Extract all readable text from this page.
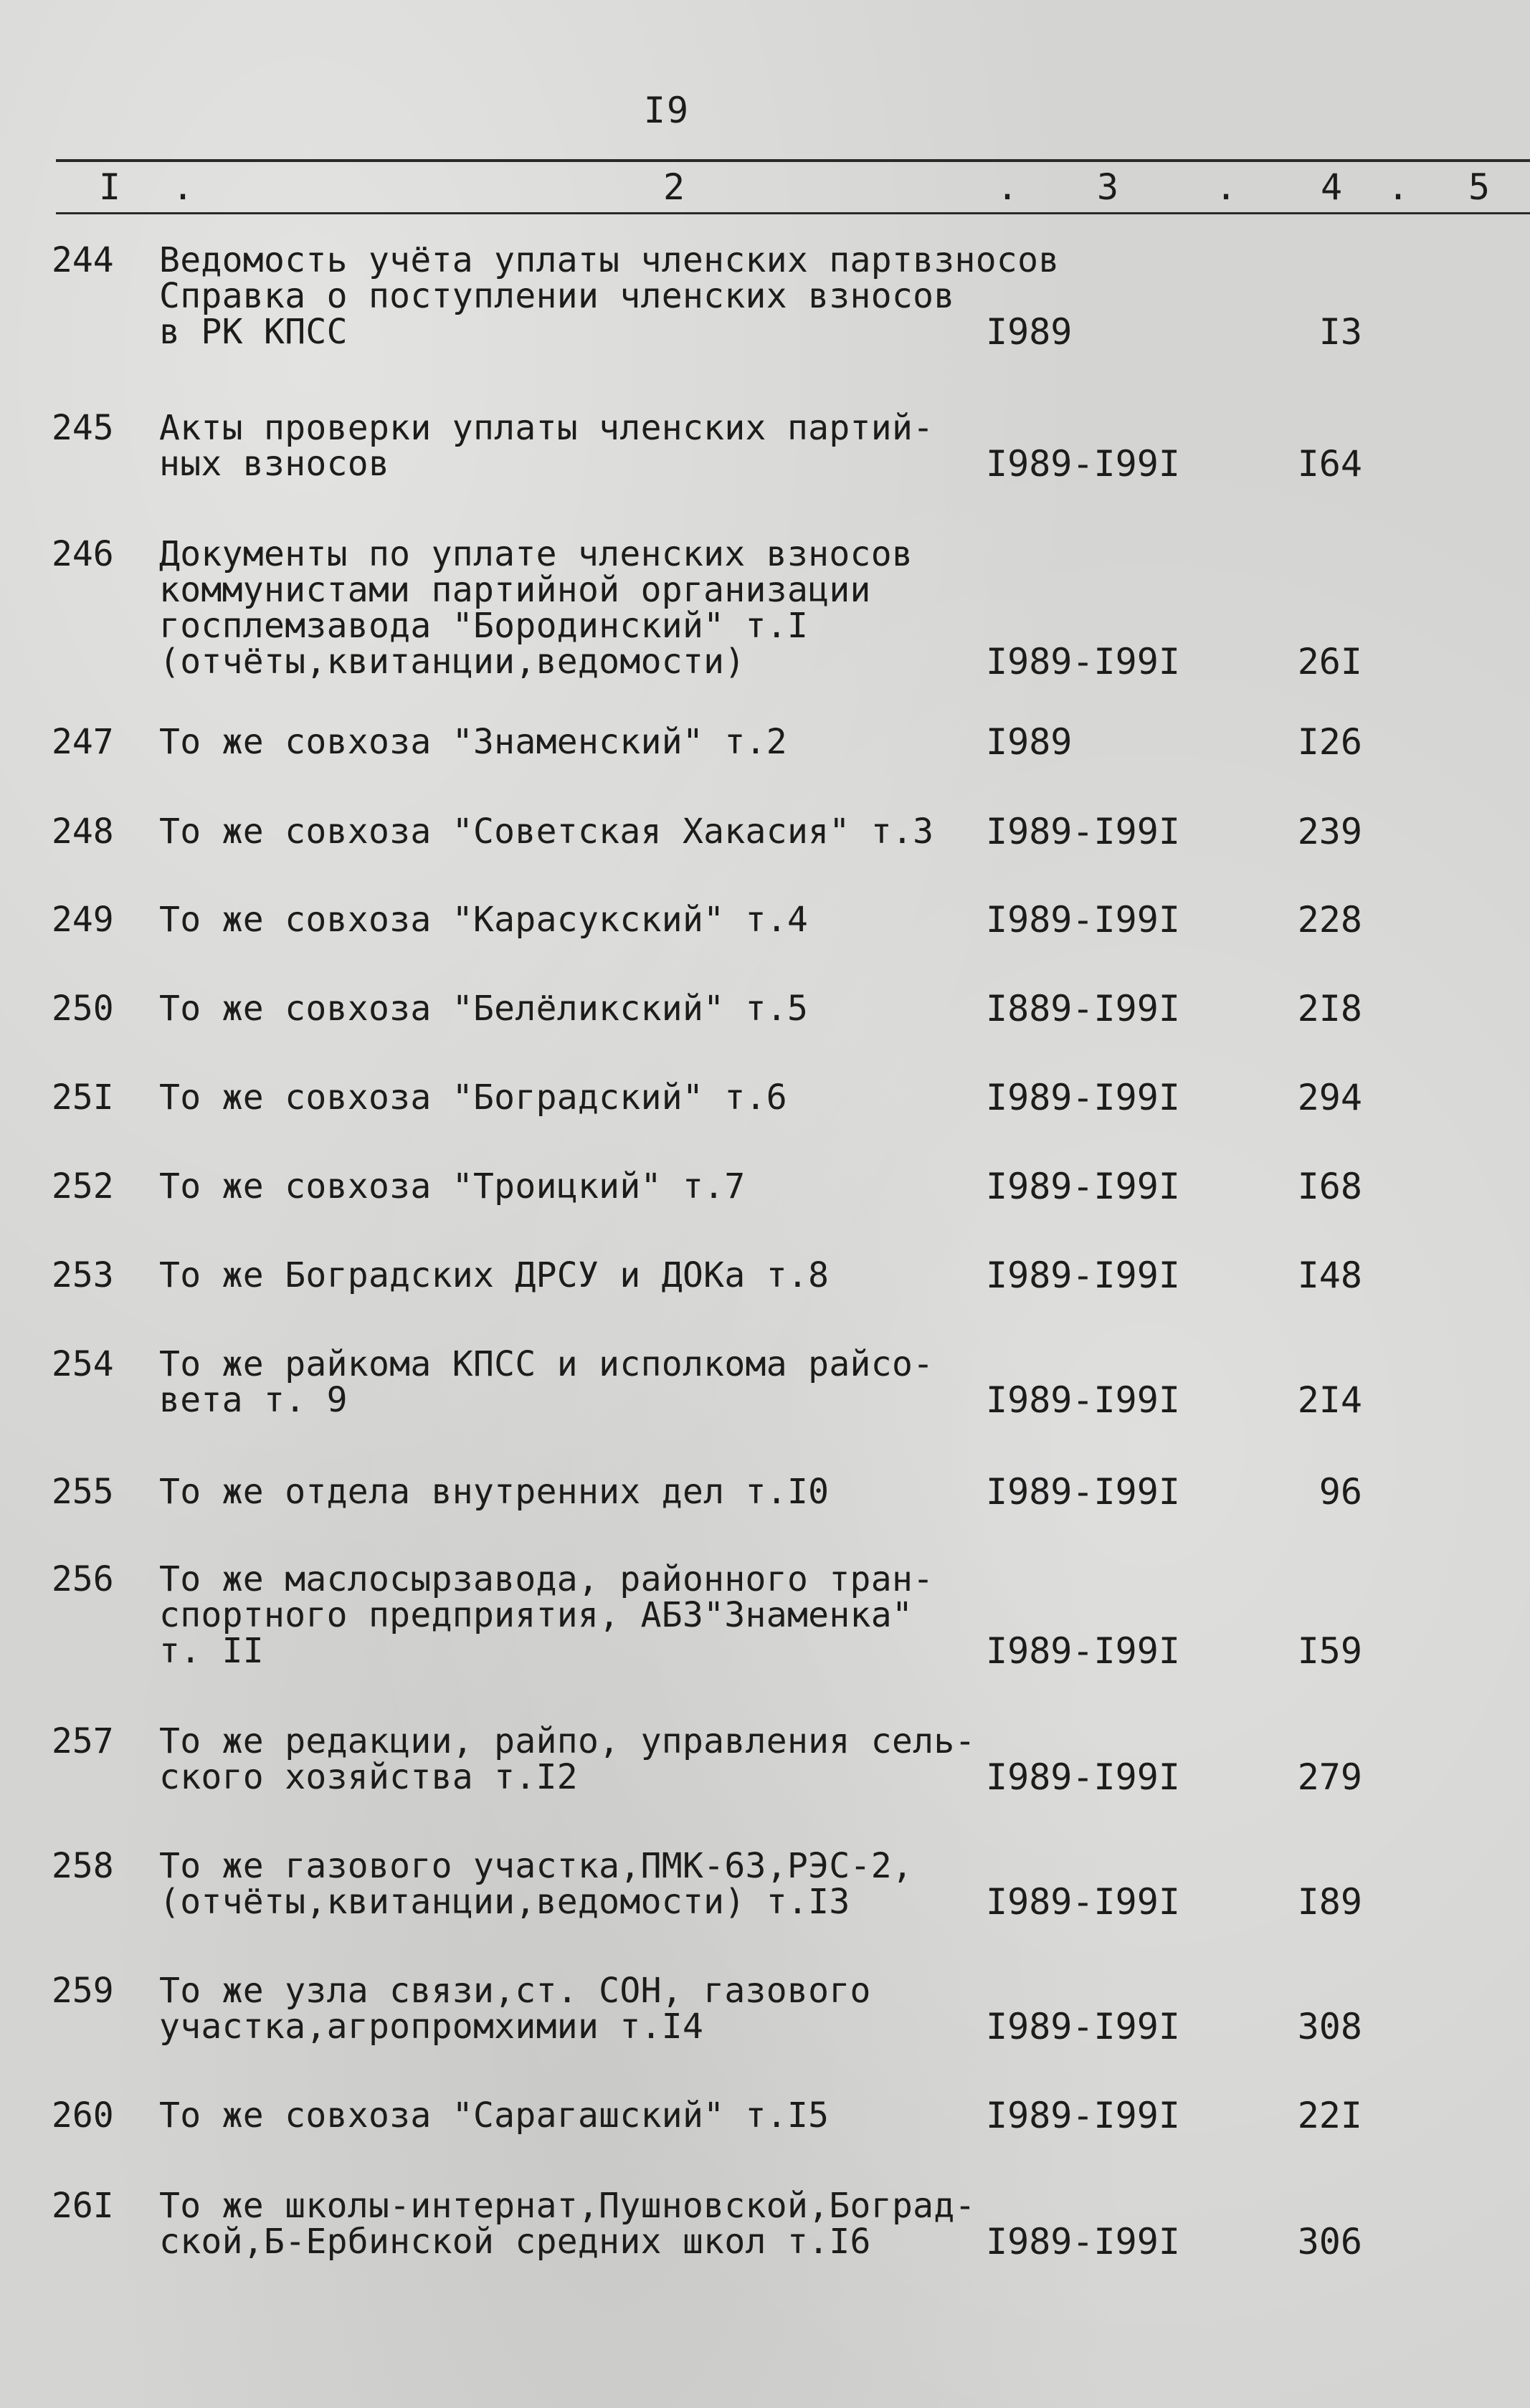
I9
I .	2	. 3	. 4 . 5
244	Ведомость учёта уплаты членских партвзносов
Справка о поступлении членских взносов
в РК КПСС	I989	I3
245	Акты проверки уплаты членских партий-
ных взносов	I989-I99I	I64
246	Документы по уплате членских взносов
коммунистами партийной организации
госплемзавода "Бородинский" т.I
(отчёты,квитанции,ведомости)	I989-I99I	26I
247	То же совхоза "Знаменский" т.2	I989	I26
248	То же совхоза "Советская Хакасия" т.3	I989-I99I	239
249	То же совхоза "Карасукский" т.4	I989-I99I	228
250	То же совхоза "Белёликский" т.5	I889-I99I	2I8
25I	То же совхоза "Боградский" т.6	I989-I99I	294
252	То же совхоза "Троицкий" т.7	I989-I99I	I68
253	То же Боградских ДРСУ и ДОКа т.8	I989-I99I	I48
254	То же райкома КПСС и исполкома райсо-
вета т. 9	I989-I99I	2I4
255	То же отдела внутренних дел т.I0	I989-I99I	96
256	То же маслосырзавода, районного тран-
спортного предприятия, АБЗ"Знаменка"
т. II	I989-I99I	I59
257	То же редакции, райпо, управления сель-
ского хозяйства т.I2	I989-I99I	279
258	То же газового участка,ПМК-63,РЭС-2,
(отчёты,квитанции,ведомости) т.I3	I989-I99I	I89
259	То же узла связи,ст. СОН, газового
участка,агропромхимии т.I4	I989-I99I	308
260	То же совхоза "Сарагашский" т.I5	I989-I99I	22I
26I	То же школы-интернат,Пушновской,Боград-
ской,Б-Ербинской средних школ т.I6	I989-I99I	306
